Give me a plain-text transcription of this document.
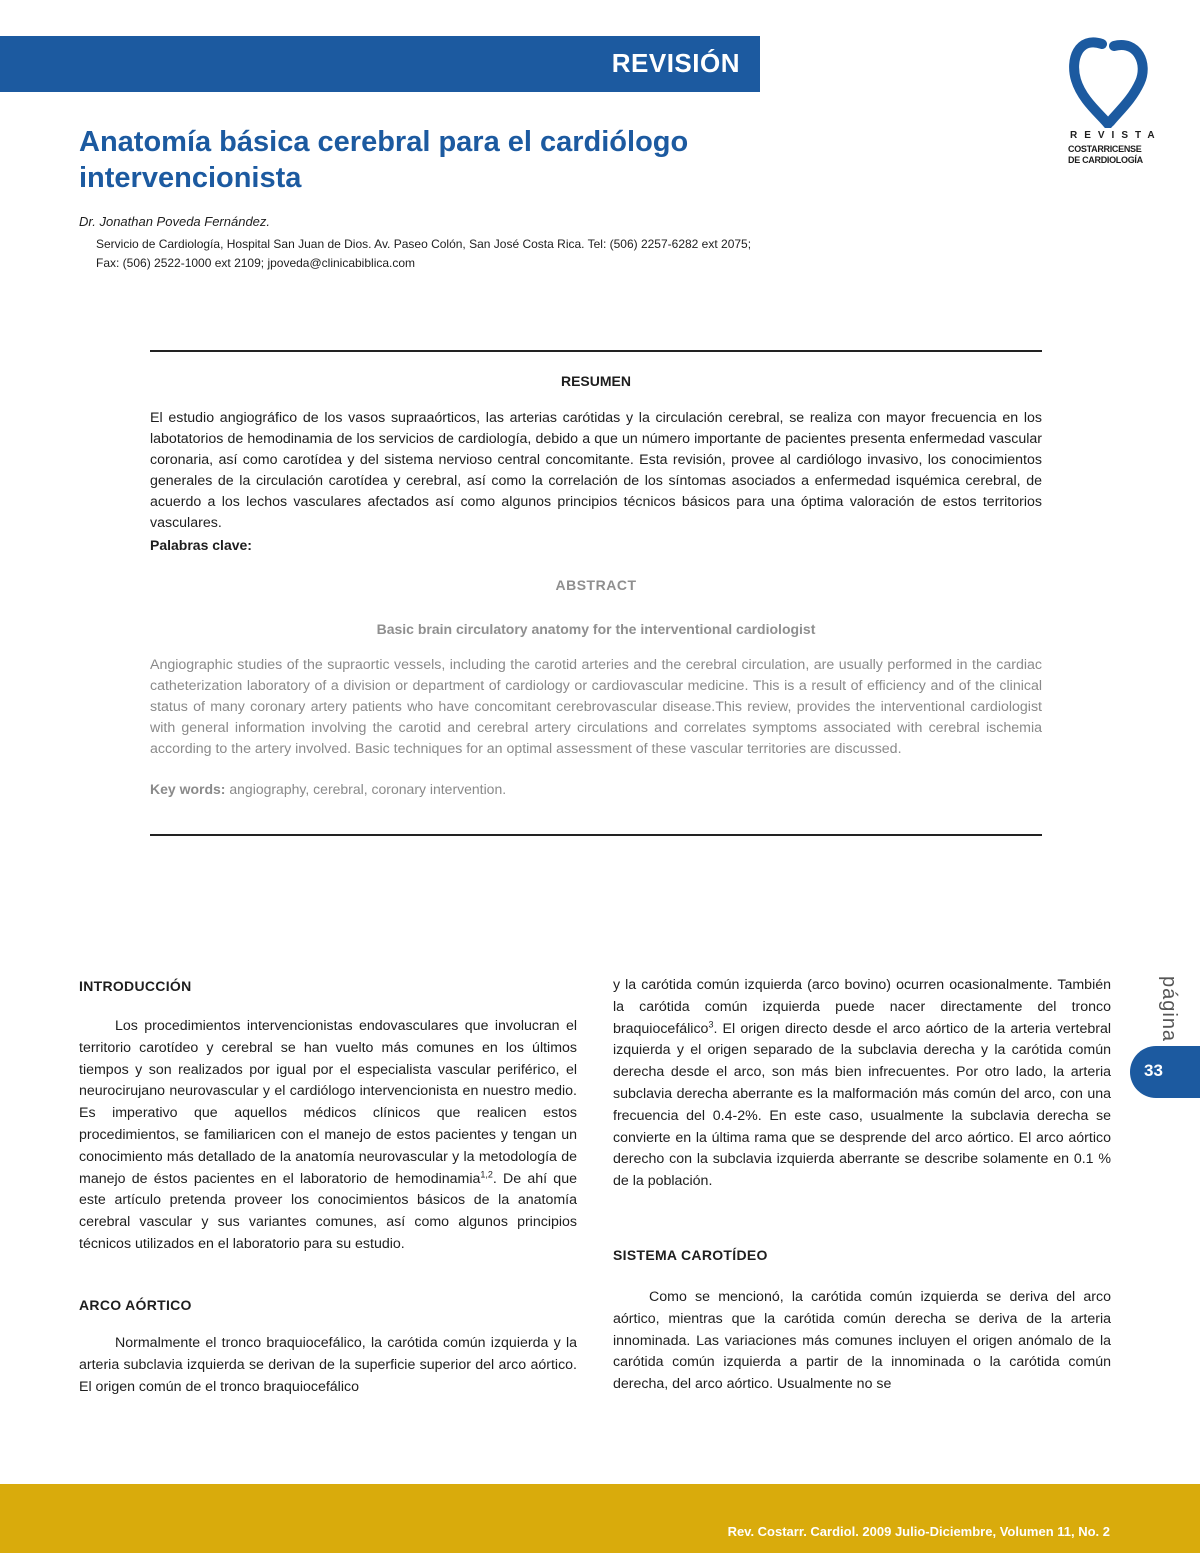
REVISIÓN
REVISTA
COSTARRICENSE
DE CARDIOLOGÍA
Anatomía básica cerebral para el cardiólogo
intervencionista
Dr. Jonathan Poveda Fernández.
Servicio de Cardiología, Hospital San Juan de Dios. Av. Paseo Colón, San José Costa Rica. Tel: (506) 2257-6282 ext 2075;
Fax: (506) 2522-1000 ext 2109; jpoveda@clinicabiblica.com
RESUMEN

El estudio angiográfico de los vasos supraaórticos, las arterias carótidas y la circulación cerebral, se realiza con mayor frecuencia en los labotatorios de hemodinamia de los servicios de cardiología, debido a que un número importante de pacientes presenta enfermedad vascular coronaria, así como carotídea y del sistema nervioso central concomitante. Esta revisión, provee al cardiólogo invasivo, los conocimientos generales de la circulación carotídea y cerebral, así como la correlación de los síntomas asociados a enfermedad isquémica cerebral, de acuerdo a los lechos vasculares afectados así como algunos principios técnicos básicos para una óptima valoración de estos territorios vasculares.

Palabras clave:
ABSTRACT
Basic brain circulatory anatomy for the interventional cardiologist

Angiographic studies of the supraortic vessels, including the carotid arteries and the cerebral circulation, are usually performed in the cardiac catheterization laboratory of a division or department of cardiology or cardiovascular medicine. This is a result of efficiency and of the clinical status of many coronary artery patients who have concomitant cerebrovascular disease.This review, provides the interventional cardiologist with general information involving the carotid and cerebral artery circulations and correlates symptoms associated with cerebral ischemia according to the artery involved. Basic techniques for an optimal assessment of these vascular territories are discussed.

Key words: angiography, cerebral, coronary intervention.
INTRODUCCIÓN

Los procedimientos intervencionistas endovasculares que involucran el territorio carotídeo y cerebral se han vuelto más comunes en los últimos tiempos y son realizados por igual por el especialista vascular periférico, el neurocirujano neurovascular y el cardiólogo intervencionista en nuestro medio. Es imperativo que aquellos médicos clínicos que realicen estos procedimientos, se familiaricen con el manejo de estos pacientes y tengan un conocimiento más detallado de la anatomía neurovascular y la metodología de manejo de éstos pacientes en el laboratorio de hemodinamia$^{1,2}$. De ahí que este artículo pretenda proveer los conocimientos básicos de la anatomía cerebral vascular y sus variantes comunes, así como algunos principios técnicos utilizados en el laboratorio para su estudio.

ARCO AÓRTICO

Normalmente el tronco braquiocefálico, la carótida común izquierda y la arteria subclavia izquierda se derivan de la superficie superior del arco aórtico. El origen común de el tronco braquiocefálico

y la carótida común izquierda (arco bovino) ocurren ocasionalmente. También la carótida común izquierda puede nacer directamente del tronco braquiocefálico$^3$. El origen directo desde el arco aórtico de la arteria vertebral izquierda y el origen separado de la subclavia derecha y la carótida común derecha desde el arco, son más bien infrecuentes. Por otro lado, la arteria subclavia derecha aberrante es la malformación más común del arco, con una frecuencia del 0.4-2%. En este caso, usualmente la subclavia derecha se convierte en la última rama que se desprende del arco aórtico. El arco aórtico derecho con la subclavia izquierda aberrante se describe solamente en 0.1 % de la población.

SISTEMA CAROTÍDEO

Como se mencionó, la carótida común izquierda se deriva del arco aórtico, mientras que la carótida común derecha se deriva de la arteria innominada. Las variaciones más comunes incluyen el origen anómalo de la carótida común izquierda a partir de la innominada o la carótida común derecha, del arco aórtico. Usualmente no se

página
33
Rev. Costarr. Cardiol. 2009 Julio-Diciembre, Volumen 11, No. 2
